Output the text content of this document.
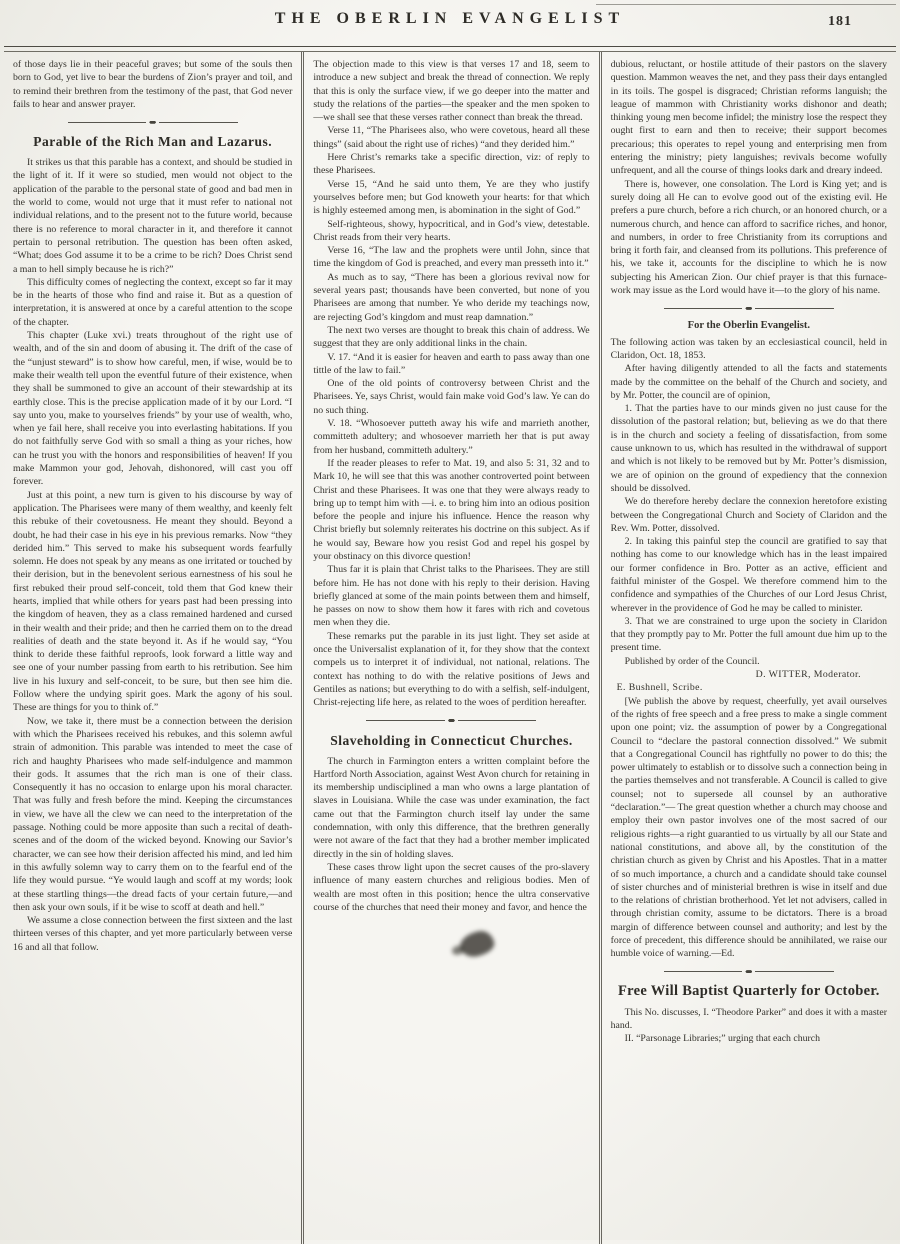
THE OBERLIN EVANGELIST	181

of those days lie in their peaceful graves; but some of the souls then born to God, yet live to bear the burdens of Zion’s prayer and toil, and to remind their brethren from the testimony of the past, that God never fails to hear and answer prayer.

Parable of the Rich Man and Lazarus.

It strikes us that this parable has a context, and should be studied in the light of it. If it were so studied, men would not object to the application of the parable to the personal state of good and bad men in the world to come, would not urge that it must refer to national not individual relations, and to the present not to the future world, because there is no reference to moral character in it, and therefore it cannot pertain to personal retribution. The question has been often asked, “What; does God assume it to be a crime to be rich? Does Christ send a man to hell simply because he is rich?”

This difficulty comes of neglecting the context, except so far it may be in the hearts of those who find and raise it. But as a question of interpretation, it is answered at once by a careful attention to the scope of the chapter.

This chapter (Luke xvi.) treats throughout of the right use of wealth, and of the sin and doom of abusing it. The drift of the case of the “unjust steward” is to show how careful, men, if wise, would be to make their wealth tell upon the eventful future of their existence, when they shall be summoned to give an account of their stewardship at its earthly close. This is the precise application made of it by our Lord. “I say unto you, make to yourselves friends” by your use of wealth, who, when ye fail here, shall receive you into everlasting habitations. If you do not faithfully serve God with so small a thing as your riches, how can he trust you with the honors and responsibilities of heaven! If you make Mammon your god, Jehovah, dishonored, will cast you off forever.

Just at this point, a new turn is given to his discourse by way of application. The Pharisees were many of them wealthy, and keenly felt this rebuke of their covetousness. He meant they should. Beyond a doubt, he had their case in his eye in his previous remarks. Now “they derided him.” This served to make his subsequent words fearfully solemn. He does not speak by any means as one irritated or touched by their derision, but in the benevolent serious earnestness of his soul he first rebuked their proud self-conceit, told them that God knew their hearts, implied that while others for years past had been pressing into the kingdom of heaven, they as a class remained hardened and cursed in their wealth and their pride; and then he carried them on to the dread realities of death and the state beyond it. As if he would say, “You think to deride these faithful reproofs, look forward a little way and see one of your number passing from earth to his retribution. See him live in his luxury and self-conceit, to be sure, but then see him die. Follow where the undying spirit goes. Mark the agony of his soul. These are things for you to think of.”

Now, we take it, there must be a connection between the derision with which the Pharisees received his rebukes, and this solemn awful strain of admonition. This parable was intended to meet the case of rich and haughty Pharisees who made self-indulgence and mammon their gods. It assumes that the rich man is one of their class. Consequently it has no occasion to enlarge upon his moral character. That was fully and fresh before the mind. Keeping the circumstances in view, we have all the clew we can need to the interpretation of the passage. Nothing could be more apposite than such a recital of death-scenes and of the doom of the wicked beyond. Knowing our Savior’s character, we can see how their derision affected his mind, and led him in this awfully solemn way to carry them on to the fearful end of the life they would pursue. “Ye would laugh and scoff at my words; look at these startling things—the dread facts of your certain future,—and then ask your own souls, if it be wise to scoff at death and hell.”

We assume a close connection between the first sixteen and the last thirteen verses of this chapter, and yet more particularly between verse 16 and all that follow.

The objection made to this view is that verses 17 and 18, seem to introduce a new subject and break the thread of connection. We reply that this is only the surface view, if we go deeper into the matter and study the relations of the parties—the speaker and the men spoken to—we shall see that these verses rather connect than break the thread.

Verse 11, “The Pharisees also, who were covetous, heard all these things” (said about the right use of riches) “and they derided him.”

Here Christ’s remarks take a specific direction, viz: of reply to these Pharisees.

Verse 15, “And he said unto them, Ye are they who justify yourselves before men; but God knoweth your hearts: for that which is highly esteemed among men, is abomination in the sight of God.”

Self-righteous, showy, hypocritical, and in God’s view, detestable. Christ reads from their very hearts.

Verse 16, “The law and the prophets were until John, since that time the kingdom of God is preached, and every man presseth into it.”

As much as to say, “There has been a glorious revival now for several years past; thousands have been converted, but none of you Pharisees are among that number. Ye who deride my teachings now, are rejecting God’s kingdom and must reap damnation.”

The next two verses are thought to break this chain of address. We suggest that they are only additional links in the chain.

V. 17. “And it is easier for heaven and earth to pass away than one tittle of the law to fail.”

One of the old points of controversy between Christ and the Pharisees. Ye, says Christ, would fain make void God’s law. Ye can do no such thing.

V. 18. “Whosoever putteth away his wife and marrieth another, committeth adultery; and whosoever marrieth her that is put away from her husband, committeth adultery.”

If the reader pleases to refer to Mat. 19, and also 5: 31, 32 and to Mark 10, he will see that this was another controverted point between Christ and these Pharisees. It was one that they were always ready to bring up to tempt him with —i. e. to bring him into an odious position before the people and injure his influence. Hence the reason why Christ briefly but solemnly reiterates his doctrine on this subject. As if he would say, Beware how you resist God and repel his gospel by your obstinacy on this divorce question!

Thus far it is plain that Christ talks to the Pharisees. They are still before him. He has not done with his reply to their derision. Having briefly glanced at some of the main points between them and himself, he passes on now to show them how it fares with rich and covetous men when they die.

These remarks put the parable in its just light. They set aside at once the Universalist explanation of it, for they show that the context compels us to interpret it of individual, not national, relations. The context has nothing to do with the relative positions of Jews and Gentiles as nations; but everything to do with a selfish, self-indulgent, Christ-rejecting life here, as related to the woes of perdition hereafter.

Slaveholding in Connecticut Churches.

The church in Farmington enters a written complaint before the Hartford North Association, against West Avon church for retaining in its membership undisciplined a man who owns a large plantation of slaves in Louisiana. While the case was under examination, the fact came out that the Farmington church itself lay under the same condemnation, with only this difference, that the brethren generally were not aware of the fact that they had a brother member implicated directly in the sin of holding slaves.

These cases throw light upon the secret causes of the pro-slavery influence of many eastern churches and religious bodies. Men of wealth are most often in this position; hence the ultra conservative course of the churches that need their money and favor, and hence the

dubious, reluctant, or hostile attitude of their pastors on the slavery question. Mammon weaves the net, and they pass their days entangled in its toils. The gospel is disgraced; Christian reforms languish; the league of mammon with Christianity works dishonor and death; thinking young men become infidel; the ministry lose the respect they ought first to earn and then to receive; their support becomes precarious; this operates to repel young and enterprising men from entering the ministry; piety languishes; revivals become wofully unfrequent, and all the course of things looks dark and dreary indeed.

There is, however, one consolation. The Lord is King yet; and is surely doing all He can to evolve good out of the existing evil. He prefers a pure church, before a rich church, or an honored church, or a numerous church, and hence can afford to sacrifice riches, and honor, and numbers, in order to free Christianity from its corruptions and bring it forth fair, and cleansed from its pollutions. This preference of his, we take it, accounts for the discipline to which he is now subjecting his American Zion. Our chief prayer is that this furnace-work may issue as the Lord would have it—to the glory of his name.

For the Oberlin Evangelist.

The following action was taken by an ecclesiastical council, held in Claridon, Oct. 18, 1853.

After having diligently attended to all the facts and statements made by the committee on the behalf of the Church and society, and by Mr. Potter, the council are of opinion,

1. That the parties have to our minds given no just cause for the dissolution of the pastoral relation; but, believing as we do that there is in the church and society a feeling of dissatisfaction, from some cause unknown to us, which has resulted in the withdrawal of support and which is not likely to be removed but by Mr. Potter’s dismission, we are of opinion on the ground of expediency that the connexion should be dissolved.

We do therefore hereby declare the connexion heretofore existing between the Congregational Church and Society of Claridon and the Rev. Wm. Potter, dissolved.

2. In taking this painful step the council are gratified to say that nothing has come to our knowledge which has in the least impaired our former confidence in Bro. Potter as an active, efficient and faithful minister of the Gospel. We therefore commend him to the confidence and sympathies of the Churches of our Lord Jesus Christ, wherever in the providence of God he may be called to minister.

3. That we are constrained to urge upon the society in Claridon that they promptly pay to Mr. Potter the full amount due him up to the present time.

Published by order of the Council.

D. WITTER, Moderator.

E. Bushnell, Scribe.

[We publish the above by request, cheerfully, yet avail ourselves of the rights of free speech and a free press to make a single comment upon one point; viz. the assumption of power by a Congregational Council to “declare the pastoral connection dissolved.” We submit that a Congregational Council has rightfully no power to do this; the power ultimately to establish or to dissolve such a connection being in the parties themselves and not transferable. A Council is called to give counsel; not to supersede all counsel by an authorative “declaration.”— The great question whether a church may choose and employ their own pastor involves one of the most sacred of our religious rights—a right guarantied to us virtually by all our State and national constitutions, and above all, by the constitution of the christian church as given by Christ and his Apostles. That in a matter of so much importance, a church and a candidate should take counsel of sister churches and of ministerial brethren is wise in itself and due to the relations of christian brotherhood. Yet let not advisers, called in through christian comity, assume to be dictators. There is a broad margin of difference between counsel and authority; and lest by the force of precedent, this difference should be annihilated, we raise our humble voice of warning.—Ed.

Free Will Baptist Quarterly for October.

This No. discusses, I. “Theodore Parker” and does it with a master hand.

II. “Parsonage Libraries;” urging that each church
